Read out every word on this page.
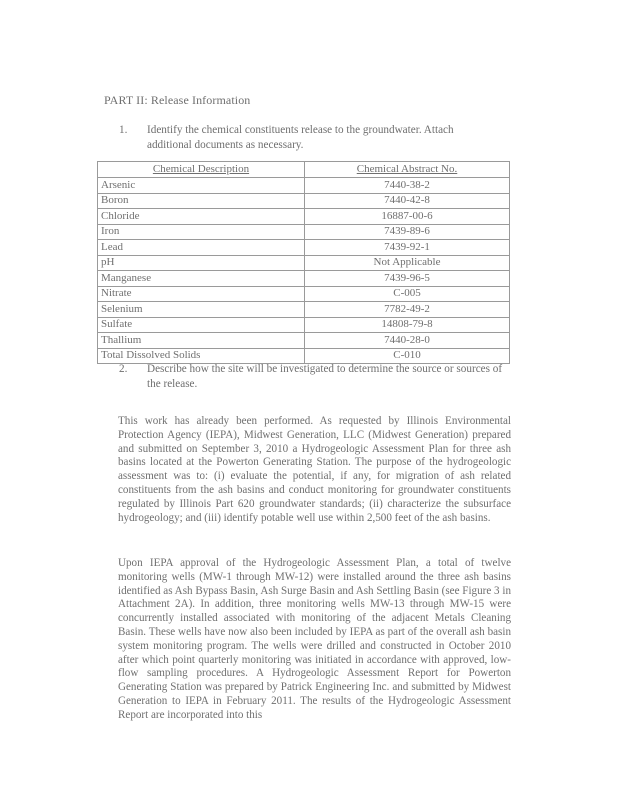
PART II: Release Information
1. Identify the chemical constituents release to the groundwater. Attach additional documents as necessary.
Chemical Description	Chemical Abstract No.
Arsenic	7440-38-2
Boron	7440-42-8
Chloride	16887-00-6
Iron	7439-89-6
Lead	7439-92-1
pH	Not Applicable
Manganese	7439-96-5
Nitrate	C-005
Selenium	7782-49-2
Sulfate	14808-79-8
Thallium	7440-28-0
Total Dissolved Solids	C-010
2. Describe how the site will be investigated to determine the source or sources of the release.

This work has already been performed. As requested by Illinois Environmental Protection Agency (IEPA), Midwest Generation, LLC (Midwest Generation) prepared and submitted on September 3, 2010 a Hydrogeologic Assessment Plan for three ash basins located at the Powerton Generating Station. The purpose of the hydrogeologic assessment was to: (i) evaluate the potential, if any, for migration of ash related constituents from the ash basins and conduct monitoring for groundwater constituents regulated by Illinois Part 620 groundwater standards; (ii) characterize the subsurface hydrogeology; and (iii) identify potable well use within 2,500 feet of the ash basins.

Upon IEPA approval of the Hydrogeologic Assessment Plan, a total of twelve monitoring wells (MW-1 through MW-12) were installed around the three ash basins identified as Ash Bypass Basin, Ash Surge Basin and Ash Settling Basin (see Figure 3 in Attachment 2A). In addition, three monitoring wells MW-13 through MW-15 were concurrently installed associated with monitoring of the adjacent Metals Cleaning Basin. These wells have now also been included by IEPA as part of the overall ash basin system monitoring program. The wells were drilled and constructed in October 2010 after which point quarterly monitoring was initiated in accordance with approved, low-flow sampling procedures. A Hydrogeologic Assessment Report for Powerton Generating Station was prepared by Patrick Engineering Inc. and submitted by Midwest Generation to IEPA in February 2011. The results of the Hydrogeologic Assessment Report are incorporated into this
